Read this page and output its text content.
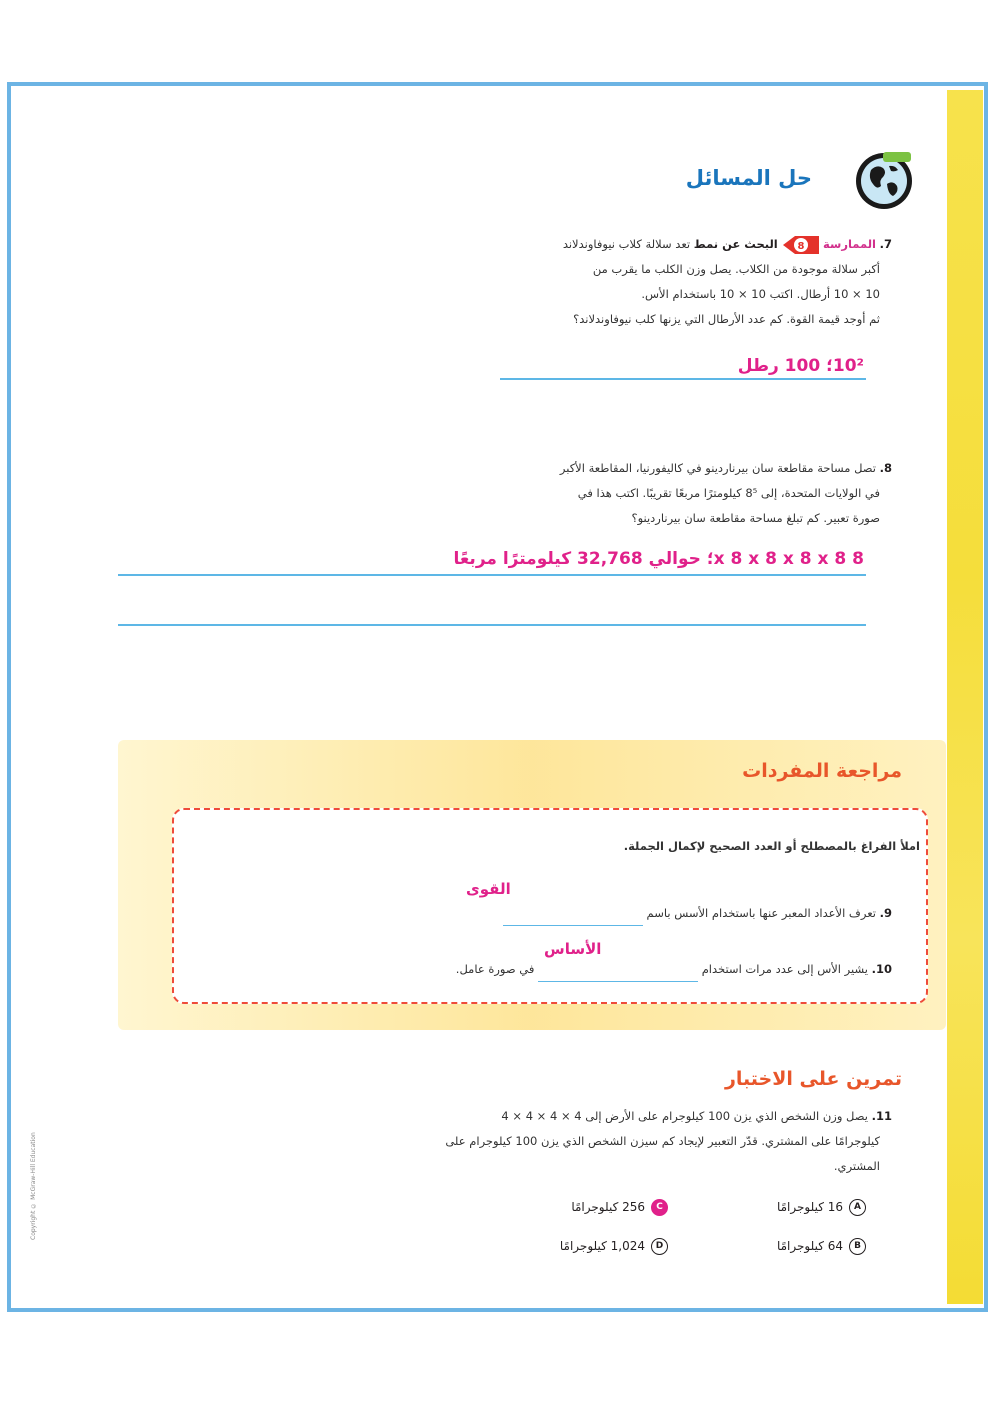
Copyright © McGraw-Hill Education
حل المسائل
7. الممارسة
8
البحث عن نمط تعد سلالة كلاب نيوفاوندلاند
أكبر سلالة موجودة من الكلاب. يصل وزن الكلب ما يقرب من
10 × 10 أرطال. اكتب 10 × 10 باستخدام الأس.
ثم أوجد قيمة القوة. كم عدد الأرطال التي يزنها كلب نيوفاوندلاند؟
10²؛ 100 رطل
8. تصل مساحة مقاطعة سان بيرناردينو في كاليفورنيا، المقاطعة الأكبر
في الولايات المتحدة، إلى 8⁵ كيلومترًا مربعًا تقريبًا. اكتب هذا في
صورة تعبير. كم تبلغ مساحة مقاطعة سان بيرناردينو؟
8 x 8 x 8 x 8 x 8؛ حوالي 32,768 كيلومترًا مربعًا
مراجعة المفردات
املأ الفراغ بالمصطلح أو العدد الصحيح لإكمال الجملة.
القوى
9. تعرف الأعداد المعبر عنها باستخدام الأسس باسم
الأساس
10. يشير الأس إلى عدد مرات استخدام  في صورة عامل.
تمرين على الاختبار
11. يصل وزن الشخص الذي يزن 100 كيلوجرام على الأرض إلى 4 × 4 × 4 × 4
كيلوجرامًا على المشتري. قدّر التعبير لإيجاد كم سيزن الشخص الذي يزن 100 كيلوجرام على
المشتري.
A16 كيلوجرامًا
C256 كيلوجرامًا
B64 كيلوجرامًا
D1,024 كيلوجرامًا
